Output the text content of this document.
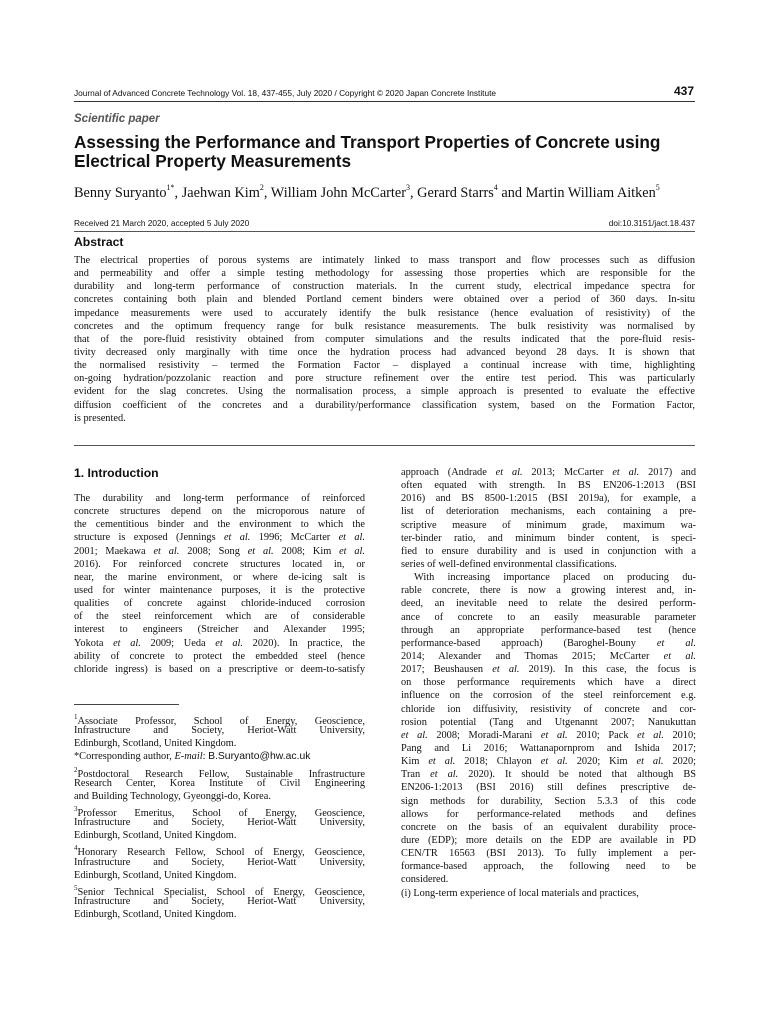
Journal of Advanced Concrete Technology Vol. 18, 437-455, July 2020 / Copyright © 2020 Japan Concrete Institute	437
Scientific paper
Assessing the Performance and Transport Properties of Concrete using
Electrical Property Measurements
Benny Suryanto$^{1*}$, Jaehwan Kim$^2$, William John McCarter$^3$, Gerard Starrs$^4$ and Martin William Aitken$^5$
Received 21 March 2020, accepted 5 July 2020	doi:10.3151/jact.18.437
Abstract
The electrical properties of porous systems are intimately linked to mass transport and flow processes such as diffusion
and permeability and offer a simple testing methodology for assessing those properties which are responsible for the
durability and long-term performance of construction materials. In the current study, electrical impedance spectra for
concretes containing both plain and blended Portland cement binders were obtained over a period of 360 days. In-situ
impedance measurements were used to accurately identify the bulk resistance (hence evaluation of resistivity) of the
concretes and the optimum frequency range for bulk resistance measurements. The bulk resistivity was normalised by
that of the pore-fluid resistivity obtained from computer simulations and the results indicated that the pore-fluid resis-
tivity decreased only marginally with time once the hydration process had advanced beyond 28 days. It is shown that
the normalised resistivity – termed the Formation Factor – displayed a continual increase with time, highlighting
on-going hydration/pozzolanic reaction and pore structure refinement over the entire test period. This was particularly
evident for the slag concretes. Using the normalisation process, a simple approach is presented to evaluate the effective
diffusion coefficient of the concretes and a durability/performance classification system, based on the Formation Factor,
is presented.
1. Introduction
The durability and long-term performance of reinforced
concrete structures depend on the microporous nature of
the cementitious binder and the environment to which the
structure is exposed (Jennings et al. 1996; McCarter et al.
2001; Maekawa et al. 2008; Song et al. 2008; Kim et al.
2016). For reinforced concrete structures located in, or
near, the marine environment, or where de-icing salt is
used for winter maintenance purposes, it is the protective
qualities of concrete against chloride-induced corrosion
of the steel reinforcement which are of considerable
interest to engineers (Streicher and Alexander 1995;
Yokota et al. 2009; Ueda et al. 2020). In practice, the
ability of concrete to protect the embedded steel (hence
chloride ingress) is based on a prescriptive or deem-to-satisfy
approach (Andrade et al. 2013; McCarter et al. 2017) and
often equated with strength. In BS EN206-1:2013 (BSI
2016) and BS 8500-1:2015 (BSI 2019a), for example, a
list of deterioration mechanisms, each containing a pre-
scriptive measure of minimum grade, maximum wa-
ter-binder ratio, and minimum binder content, is speci-
fied to ensure durability and is used in conjunction with a
series of well-defined environmental classifications.
With increasing importance placed on producing du-
rable concrete, there is now a growing interest and, in-
deed, an inevitable need to relate the desired perform-
ance of concrete to an easily measurable parameter
through an appropriate performance-based test (hence
performance-based approach) (Baroghel-Bouny et al.
2014; Alexander and Thomas 2015; McCarter et al.
2017; Beushausen et al. 2019). In this case, the focus is
on those performance requirements which have a direct
influence on the corrosion of the steel reinforcement e.g.
chloride ion diffusivity, resistivity of concrete and cor-
rosion potential (Tang and Utgenannt 2007; Nanukuttan
et al. 2008; Moradi-Marani et al. 2010; Pack et al. 2010;
Pang and Li 2016; Wattanapornprom and Ishida 2017;
Kim et al. 2018; Chlayon et al. 2020; Kim et al. 2020;
Tran et al. 2020). It should be noted that although BS
EN206-1:2013 (BSI 2016) still defines prescriptive de-
sign methods for durability, Section 5.3.3 of this code
allows for performance-related methods and defines
concrete on the basis of an equivalent durability proce-
dure (EDP); more details on the EDP are available in PD
CEN/TR 16563 (BSI 2013). To fully implement a per-
formance-based approach, the following need to be
considered.
(i) Long-term experience of local materials and practices,
$^1$Associate Professor, School of Energy, Geoscience,
Infrastructure and Society, Heriot-Watt University,
Edinburgh, Scotland, United Kingdom.
*Corresponding author, E-mail: B.Suryanto@hw.ac.uk
$^2$Postdoctoral Research Fellow, Sustainable Infrastructure
Research Center, Korea Institute of Civil Engineering
and Building Technology, Gyeonggi-do, Korea.
$^3$Professor Emeritus, School of Energy, Geoscience,
Infrastructure and Society, Heriot-Watt University,
Edinburgh, Scotland, United Kingdom.
$^4$Honorary Research Fellow, School of Energy, Geoscience,
Infrastructure and Society, Heriot-Watt University,
Edinburgh, Scotland, United Kingdom.
$^5$Senior Technical Specialist, School of Energy, Geoscience,
Infrastructure and Society, Heriot-Watt University,
Edinburgh, Scotland, United Kingdom.
